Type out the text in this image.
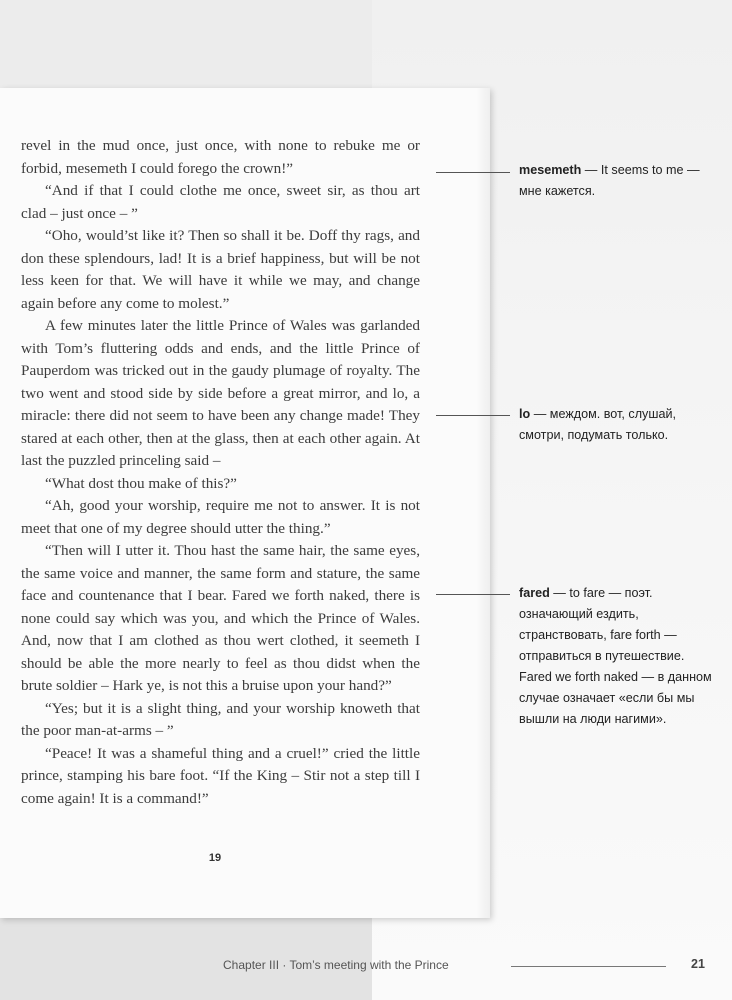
revel in the mud once, just once, with none to rebuke me or forbid, mesemeth I could forego the crown!”

“And if that I could clothe me once, sweet sir, as thou art clad – just once – ”

“Oho, would’st like it? Then so shall it be. Doff thy rags, and don these splendours, lad! It is a brief happiness, but will be not less keen for that. We will have it while we may, and change again before any come to molest.”

A few minutes later the little Prince of Wales was garlanded with Tom’s fluttering odds and ends, and the little Prince of Pauperdom was tricked out in the gaudy plumage of royalty. The two went and stood side by side before a great mirror, and lo, a miracle: there did not seem to have been any change made! They stared at each other, then at the glass, then at each other again. At last the puzzled princeling said –

“What dost thou make of this?”

“Ah, good your worship, require me not to answer. It is not meet that one of my degree should utter the thing.”

“Then will I utter it. Thou hast the same hair, the same eyes, the same voice and manner, the same form and stature, the same face and countenance that I bear. Fared we forth naked, there is none could say which was you, and which the Prince of Wales. And, now that I am clothed as thou wert clothed, it seemeth I should be able the more nearly to feel as thou didst when the brute soldier – Hark ye, is not this a bruise upon your hand?”

“Yes; but it is a slight thing, and your worship knoweth that the poor man-at-arms – ”

“Peace! It was a shameful thing and a cruel!” cried the little prince, stamping his bare foot. “If the King – Stir not a step till I come again! It is a command!”

19
mesemeth — It seems to me — мне кажется.
lo — междом. вот, слушай, смотри, подумать только.
fared — to fare — поэт. означающий ездить, странствовать, fare forth — отправиться в путешествие. Fared we forth naked — в данном случае означает «если бы мы вышли на люди нагими».
Chapter III · Tom’s meeting with the Prince	21
